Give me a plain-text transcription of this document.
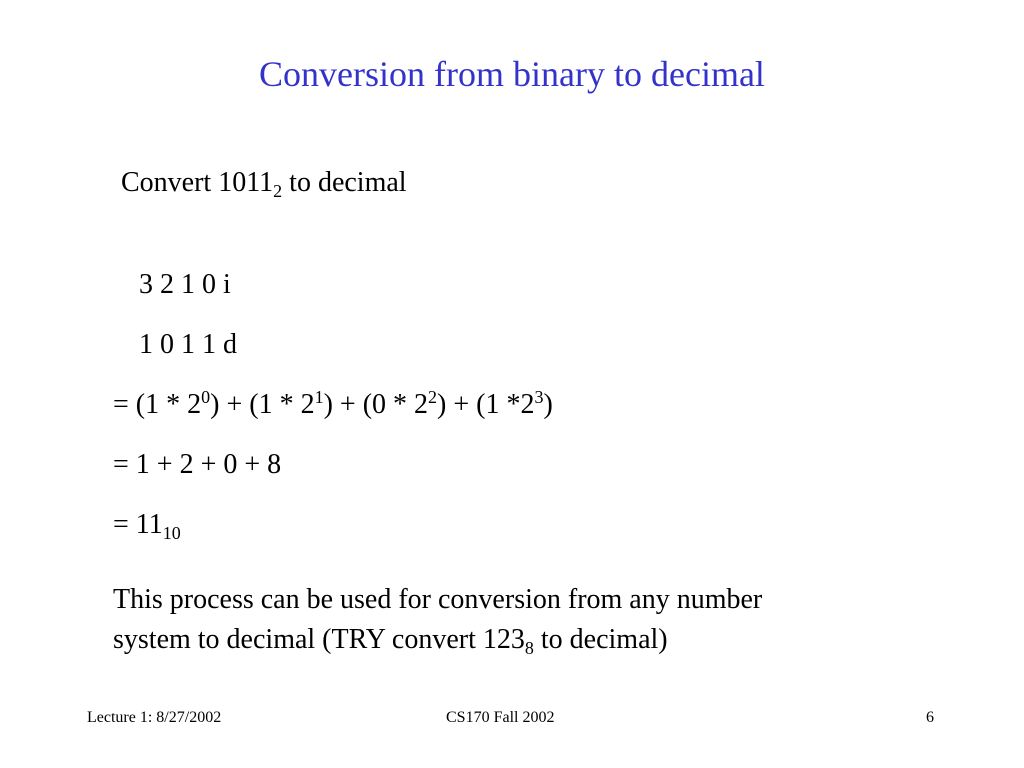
Conversion from binary to decimal
Convert $1011_2$ to decimal
3 2 1 0 i
1 0 1 1 d
= $(1 * 2^0) + (1 * 2^1) + (0 * 2^2) + (1$ $*2^3$)
= 1 + 2 + 0 + 8
= $11_{10}$
This process can be used for conversion from any number
system to decimal (TRY convert $123_8$ to decimal)
Lecture 1: 8/27/2002	CS170 Fall 2002	6
